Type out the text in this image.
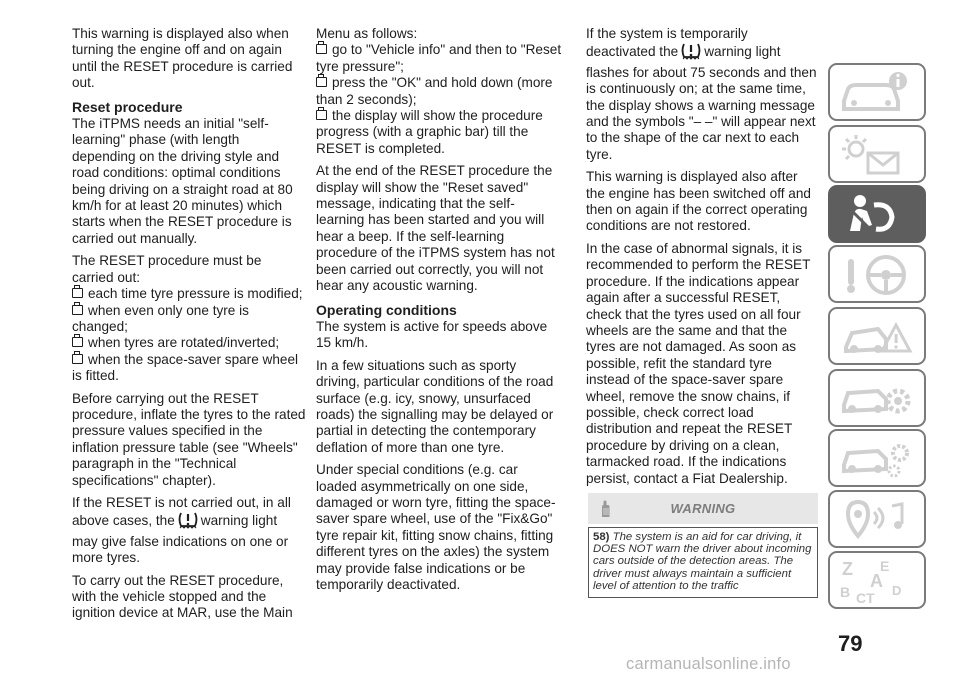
This warning is displayed also when turning the engine off and on again until the RESET procedure is carried out.

Reset procedure

The iTPMS needs an initial "self-learning" phase (with length depending on the driving style and road conditions: optimal conditions being driving on a straight road at 80 km/h for at least 20 minutes) which starts when the RESET procedure is carried out manually.

The RESET procedure must be carried out:

each time tyre pressure is modified;
when even only one tyre is changed;
when tyres are rotated/inverted;
when the space-saver spare wheel is fitted.

Before carrying out the RESET procedure, inflate the tyres to the rated pressure values specified in the inflation pressure table (see "Wheels" paragraph in the "Technical specifications" chapter).

If the RESET is not carried out, in all above cases, the warning light may give false indications on one or more tyres.

To carry out the RESET procedure, with the vehicle stopped and the ignition device at MAR, use the Main

Menu as follows:

go to "Vehicle info" and then to "Reset tyre pressure";
press the "OK" and hold down (more than 2 seconds);
the display will show the procedure progress (with a graphic bar) till the RESET is completed.

At the end of the RESET procedure the display will show the "Reset saved" message, indicating that the self-learning has been started and you will hear a beep. If the self-learning procedure of the iTPMS system has not been carried out correctly, you will not hear any acoustic warning.

Operating conditions

The system is active for speeds above 15 km/h.

In a few situations such as sporty driving, particular conditions of the road surface (e.g. icy, snowy, unsurfaced roads) the signalling may be delayed or partial in detecting the contemporary deflation of more than one tyre.

Under special conditions (e.g. car loaded asymmetrically on one side, damaged or worn tyre, fitting the space-saver spare wheel, use of the "Fix&Go" tyre repair kit, fitting snow chains, fitting different tyres on the axles) the system may provide false indications or be temporarily deactivated.

If the system is temporarily deactivated the warning light flashes for about 75 seconds and then is continuously on; at the same time, the display shows a warning message and the symbols "– –" will appear next to the shape of the car next to each tyre.

This warning is displayed also after the engine has been switched off and then on again if the correct operating conditions are not restored.

In the case of abnormal signals, it is recommended to perform the RESET procedure. If the indications appear again after a successful RESET, check that the tyres used on all four wheels are the same and that the tyres are not damaged. As soon as possible, refit the standard tyre instead of the space-saver spare wheel, remove the snow chains, if possible, check correct load distribution and repeat the RESET procedure by driving on a clean, tarmacked road. If the indications persist, contact a Fiat Dealership.

WARNING
58) The system is an aid for car driving, it DOES NOT warn the driver about incoming cars outside of the detection areas. The driver must always maintain a sufficient level of attention to the traffic
79
carmanualsonline.info
Z E
B
A
C T D
